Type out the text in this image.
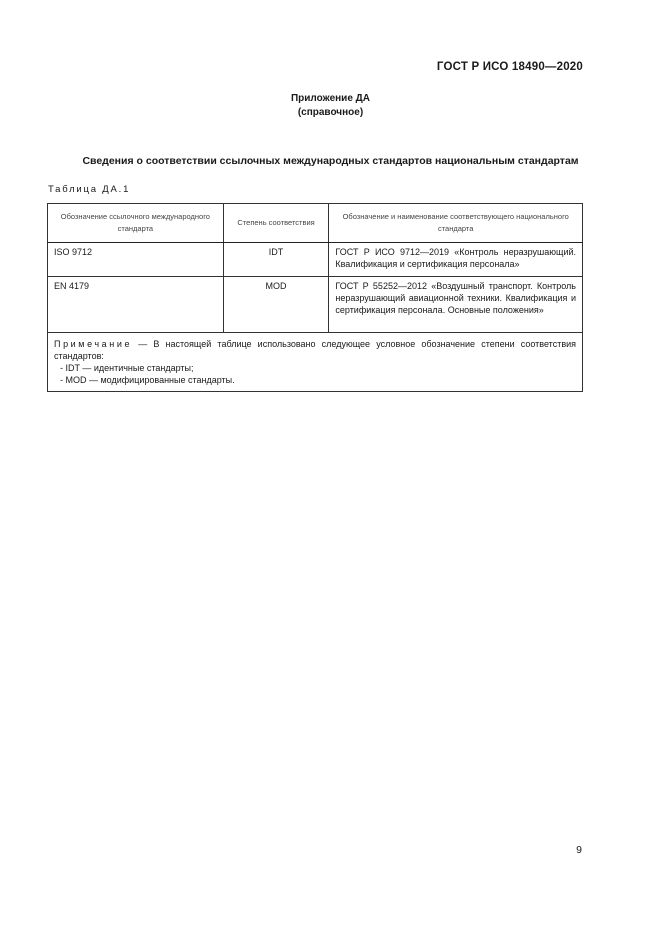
ГОСТ Р ИСО 18490—2020
Приложение ДА
(справочное)
Сведения о соответствии ссылочных международных стандартов национальным стандартам
Таблица ДА.1
Обозначение ссылочного международного стандарта	Степень соответствия	Обозначение и наименование соответствующего национального стандарта
ISO 9712	IDT	ГОСТ Р ИСО 9712—2019 «Контроль неразрушающий. Квалификация и сертификация персонала»
EN 4179	MOD	ГОСТ Р 55252—2012 «Воздушный транспорт. Контроль неразрушающий авиационной техники. Квалификация и сертификация персонала. Основные положения»

Примечание — В настоящей таблице использовано следующее условное обозначение степени соответствия стандартов:
- IDT — идентичные стандарты;
- MOD — модифицированные стандарты.		
9
